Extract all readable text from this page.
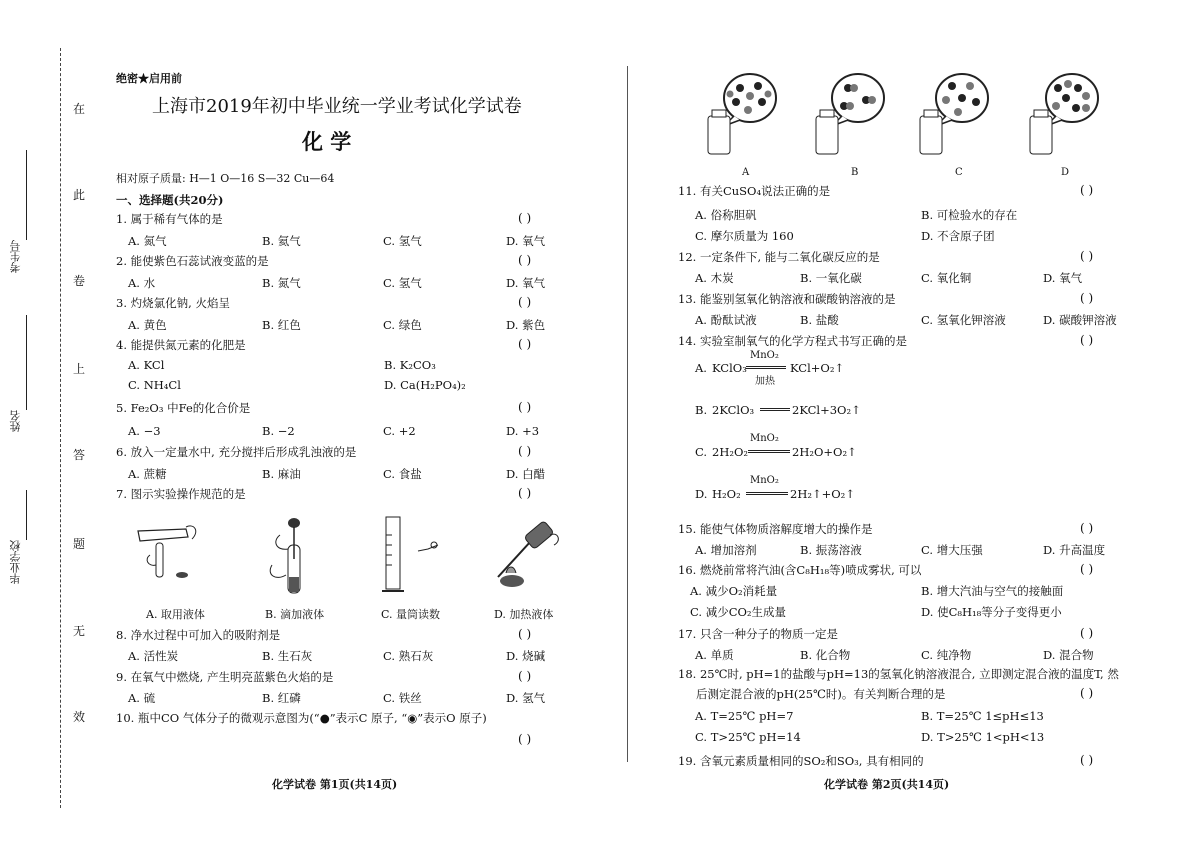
在
此
卷
上
答
题
无
效
考生号
姓名
毕业学校
绝密★启用前
上海市2019年初中毕业统一学业考试化学试卷
化 学
相对原子质量: H—1 O—16 S—32 Cu—64
一、选择题(共20分)
1. 属于稀有气体的是	( )
A. 氮气	B. 氦气	C. 氢气	D. 氧气
2. 能使紫色石蕊试液变蓝的是	( )
A. 水	B. 氮气	C. 氢气	D. 氧气
3. 灼烧氯化钠, 火焰呈	( )
A. 黄色	B. 红色	C. 绿色	D. 紫色
4. 能提供氮元素的化肥是	( )
A. KCl	B. K₂CO₃
C. NH₄Cl	D. Ca(H₂PO₄)₂
5. Fe₂O₃ 中Fe的化合价是	( )
A. −3	B. −2	C. +2	D. +3
6. 放入一定量水中, 充分搅拌后形成乳浊液的是	( )
A. 蔗糖	B. 麻油	C. 食盐	D. 白醋
7. 图示实验操作规范的是	( )
A. 取用液体	B. 滴加液体	C. 量筒读数	D. 加热液体
8. 净水过程中可加入的吸附剂是	( )
A. 活性炭	B. 生石灰	C. 熟石灰	D. 烧碱
9. 在氧气中燃烧, 产生明亮蓝紫色火焰的是	( )
A. 硫	B. 红磷	C. 铁丝	D. 氢气
10. 瓶中CO 气体分子的微观示意图为(“●”表示C 原子, “◉”表示O 原子)
( )
化学试卷 第1页(共14页)
A	B	C	D
11. 有关CuSO₄说法正确的是	( )
A. 俗称胆矾	B. 可检验水的存在
C. 摩尔质量为 160	D. 不含原子团
12. 一定条件下, 能与二氧化碳反应的是	( )
A. 木炭	B. 一氧化碳	C. 氧化铜	D. 氧气
13. 能鉴别氢氧化钠溶液和碳酸钠溶液的是	( )
A. 酚酞试液	B. 盐酸	C. 氢氧化钾溶液	D. 碳酸钾溶液
14. 实验室制氧气的化学方程式书写正确的是	( )
A. KClO₃
MnO₂
加热
KCl+O₂↑
B. 2KClO₃	2KCl+3O₂↑
C. 2H₂O₂
MnO₂
2H₂O+O₂↑
D. H₂O₂
MnO₂
2H₂↑+O₂↑
15. 能使气体物质溶解度增大的操作是	( )
A. 增加溶剂	B. 振荡溶液	C. 增大压强	D. 升高温度
16. 燃烧前常将汽油(含C₈H₁₈等)喷成雾状, 可以	( )
A. 减少O₂消耗量	B. 增大汽油与空气的接触面
C. 减少CO₂生成量	D. 使C₈H₁₈等分子变得更小
17. 只含一种分子的物质一定是	( )
A. 单质	B. 化合物	C. 纯净物	D. 混合物
18. 25℃时, pH=1的盐酸与pH=13的氢氧化钠溶液混合, 立即测定混合液的温度T, 然
后测定混合液的pH(25℃时)。有关判断合理的是	( )
A. T=25℃ pH=7	B. T=25℃ 1≤pH≤13
C. T>25℃ pH=14	D. T>25℃ 1<pH<13
19. 含氧元素质量相同的SO₂和SO₃, 具有相同的	( )
化学试卷 第2页(共14页)
